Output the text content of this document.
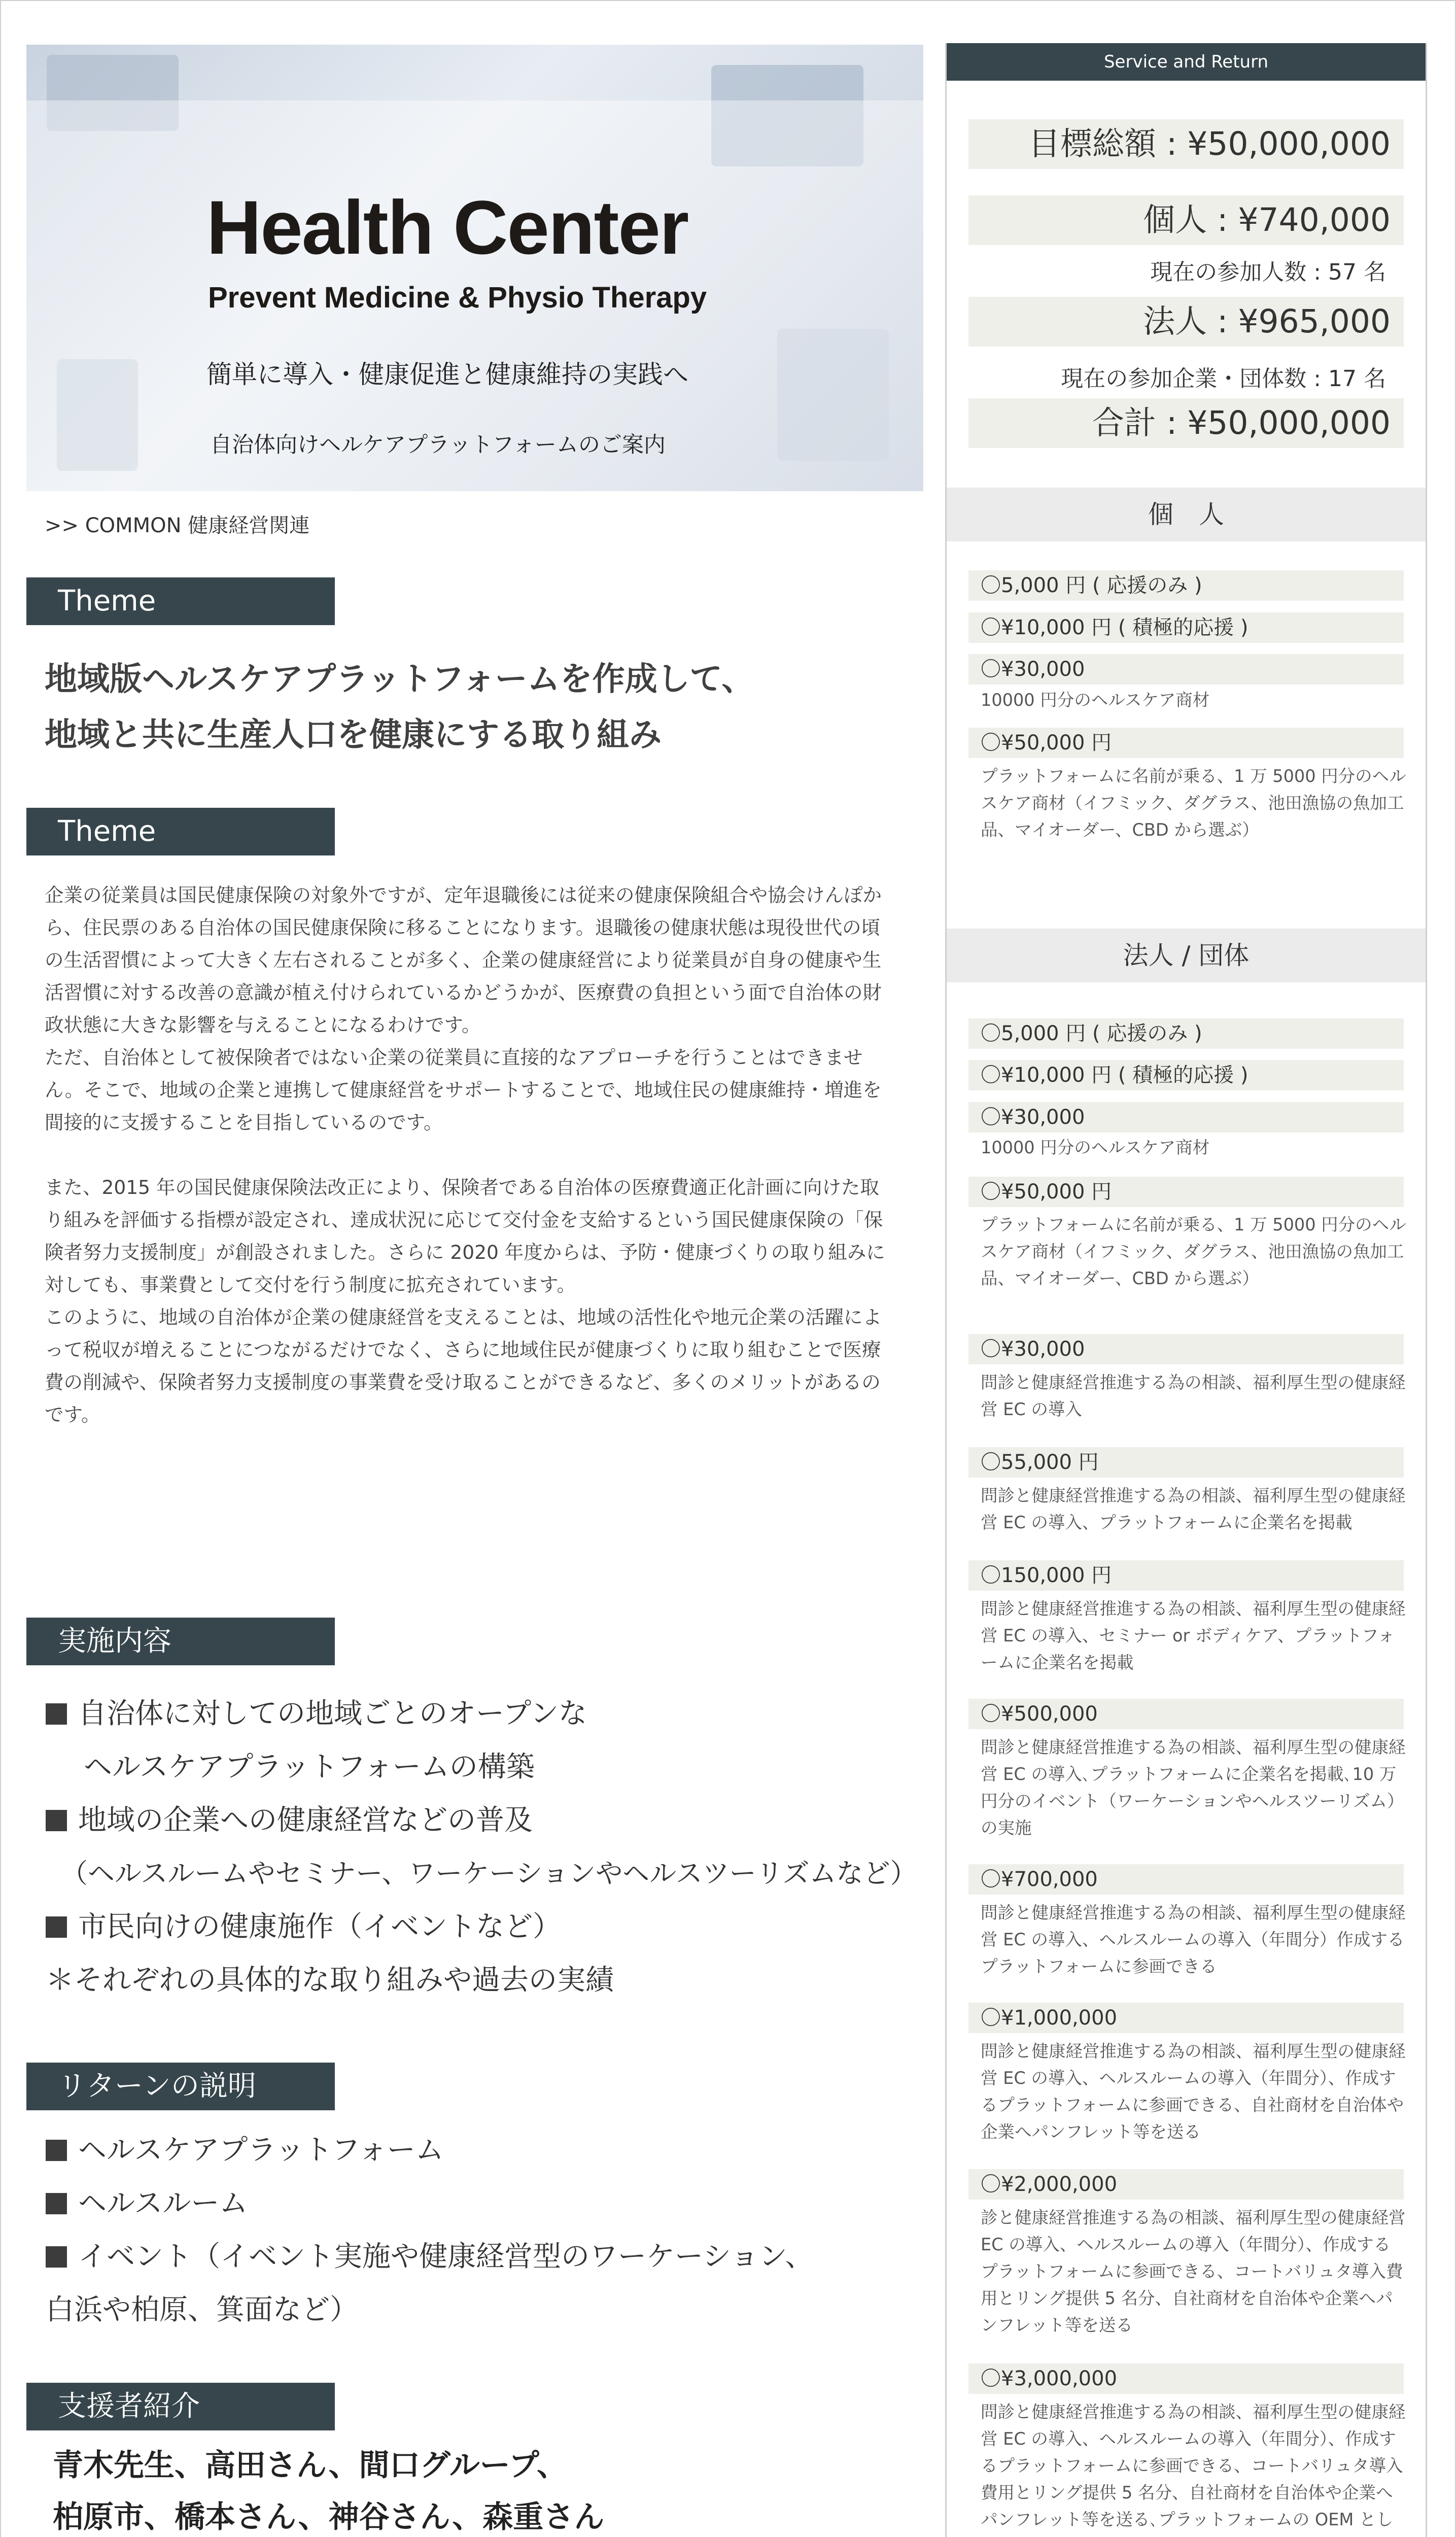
Health Center
Prevent Medicine & Physio Therapy
簡単に導入・健康促進と健康維持の実践へ
自治体向けヘルケアプラットフォームのご案内
>> COMMON 健康経営関連
Theme
地域版ヘルスケアプラットフォームを作成して、
地域と共に生産人口を健康にする取り組み
Theme

企業の従業員は国民健康保険の対象外ですが、定年退職後には従来の健康保険組合や協会けんぽから、住民票のある自治体の国民健康保険に移ることになります。退職後の健康状態は現役世代の頃の生活習慣によって大きく左右されることが多く、企業の健康経営により従業員が自身の健康や生活習慣に対する改善の意識が植え付けられているかどうかが、医療費の負担という面で自治体の財政状態に大きな影響を与えることになるわけです。

ただ、自治体として被保険者ではない企業の従業員に直接的なアプローチを行うことはできません。そこで、地域の企業と連携して健康経営をサポートすることで、地域住民の健康維持・増進を間接的に支援することを目指しているのです。

また、2015 年の国民健康保険法改正により、保険者である自治体の医療費適正化計画に向けた取り組みを評価する指標が設定され、達成状況に応じて交付金を支給するという国民健康保険の「保険者努力支援制度」が創設されました。さらに 2020 年度からは、予防・健康づくりの取り組みに対しても、事業費として交付を行う制度に拡充されています。

このように、地域の自治体が企業の健康経営を支えることは、地域の活性化や地元企業の活躍によって税収が増えることにつながるだけでなく、さらに地域住民が健康づくりに取り組むことで医療費の削減や、保険者努力支援制度の事業費を受け取ることができるなど、多くのメリットがあるのです。

実施内容
自治体に対しての地域ごとのオープンな
ヘルスケアプラットフォームの構築
地域の企業への健康経営などの普及
（ヘルスルームやセミナー、ワーケーションやヘルスツーリズムなど）
市民向けの健康施作（イベントなど）
＊それぞれの具体的な取り組みや過去の実績
リターンの説明
ヘルスケアプラットフォーム
ヘルスルーム
イベント（イベント実施や健康経営型のワーケーション、
白浜や柏原、箕面など）
支援者紹介
青木先生、高田さん、間口グループ、
柏原市、橋本さん、神谷さん、森重さん
Service and Return
目標総額 : ¥50,000,000
個人 : ¥740,000
現在の参加人数 : 57 名
法人 : ¥965,000
現在の参加企業・団体数 : 17 名
合計 : ¥50,000,000
個　人
〇5,000 円 ( 応援のみ )
〇¥10,000 円 ( 積極的応援 )
〇¥30,000
10000 円分のヘルスケア商材
〇¥50,000 円
プラットフォームに名前が乗る、1 万 5000 円分のヘルスケア商材（イフミック、ダグラス、池田漁協の魚加工品、マイオーダー、CBD から選ぶ）
法人 / 団体
〇5,000 円 ( 応援のみ )
〇¥10,000 円 ( 積極的応援 )
〇¥30,000
10000 円分のヘルスケア商材
〇¥50,000 円
プラットフォームに名前が乗る、1 万 5000 円分のヘルスケア商材（イフミック、ダグラス、池田漁協の魚加工品、マイオーダー、CBD から選ぶ）
〇¥30,000
問診と健康経営推進する為の相談、福利厚生型の健康経営 EC の導入
〇55,000 円
問診と健康経営推進する為の相談、福利厚生型の健康経営 EC の導入、プラットフォームに企業名を掲載
〇150,000 円
問診と健康経営推進する為の相談、福利厚生型の健康経営 EC の導入、セミナー or ボディケア、プラットフォームに企業名を掲載
〇¥500,000
問診と健康経営推進する為の相談、福利厚生型の健康経営 EC の導入､プラットフォームに企業名を掲載､10 万円分のイベント（ワーケーションやヘルスツーリズム）の実施
〇¥700,000
問診と健康経営推進する為の相談、福利厚生型の健康経営 EC の導入、ヘルスルームの導入（年間分）作成するプラットフォームに参画できる
〇¥1,000,000
問診と健康経営推進する為の相談、福利厚生型の健康経営 EC の導入、ヘルスルームの導入（年間分）、作成するプラットフォームに参画できる、自社商材を自治体や企業へパンフレット等を送る
〇¥2,000,000
診と健康経営推進する為の相談、福利厚生型の健康経営 EC の導入、ヘルスルームの導入（年間分）、作成するプラットフォームに参画できる、コートバリュタ導入費用とリング提供 5 名分、自社商材を自治体や企業へパンフレット等を送る
〇¥3,000,000
問診と健康経営推進する為の相談、福利厚生型の健康経営 EC の導入、ヘルスルームの導入（年間分）、作成するプラットフォームに参画できる、コートバリュタ導入費用とリング提供 5 名分、自社商材を自治体や企業へパンフレット等を送る､プラットフォームの OEM とし
